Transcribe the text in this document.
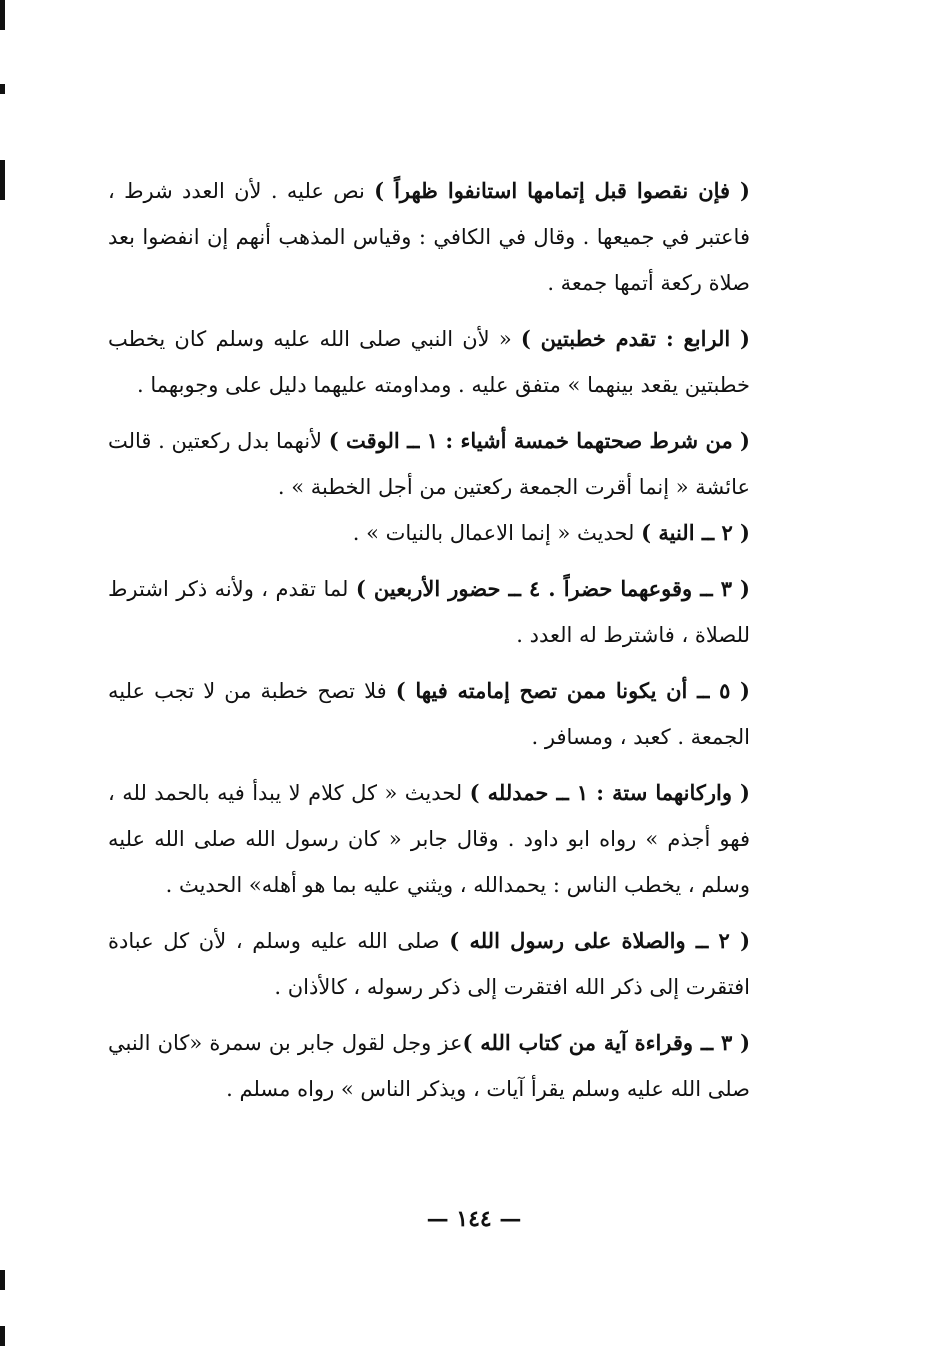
( فإن نقصوا قبل إتمامها استانفوا ظهراً ) نص عليه . لأن العدد شرط ، فاعتبر في جميعها . وقال في الكافي : وقياس المذهب أنهم إن انفضوا بعد صلاة ركعة أتمها جمعة .

( الرابع : تقدم خطبتين ) « لأن النبي صلى الله عليه وسلم كان يخطب خطبتين يقعد بينهما » متفق عليه . ومداومته عليهما دليل على وجوبهما .

( من شرط صحتهما خمسة أشياء : ١ ــ الوقت ) لأنهما بدل ركعتين . قالت عائشة « إنما أقرت الجمعة ركعتين من أجل الخطبة » .
( ٢ ــ النية ) لحديث « إنما الاعمال بالنيات » .

( ٣ ــ وقوعهما حضراً . ٤ ــ حضور الأربعين ) لما تقدم ، ولأنه ذكر اشترط للصلاة ، فاشترط له العدد .

( ٥ ــ أن يكونا ممن تصح إمامته فيها ) فلا تصح خطبة من لا تجب عليه الجمعة . كعبد ، ومسافر .

( واركانهما ستة : ١ ــ حمدلله ) لحديث « كل كلام لا يبدأ فيه بالحمد لله ، فهو أجذم » رواه ابو داود . وقال جابر « كان رسول الله صلى الله عليه وسلم ، يخطب الناس : يحمدالله ، ويثني عليه بما هو أهله» الحديث .

( ٢ ــ والصلاة على رسول الله ) صلى الله عليه وسلم ، لأن كل عبادة افتقرت إلى ذكر الله افتقرت إلى ذكر رسوله ، كالأذان .

( ٣ ــ وقراءة آية من كتاب الله )عز وجل لقول جابر بن سمرة «كان النبي صلى الله عليه وسلم يقرأ آيات ، ويذكر الناس » رواه مسلم .

— ١٤٤ —
